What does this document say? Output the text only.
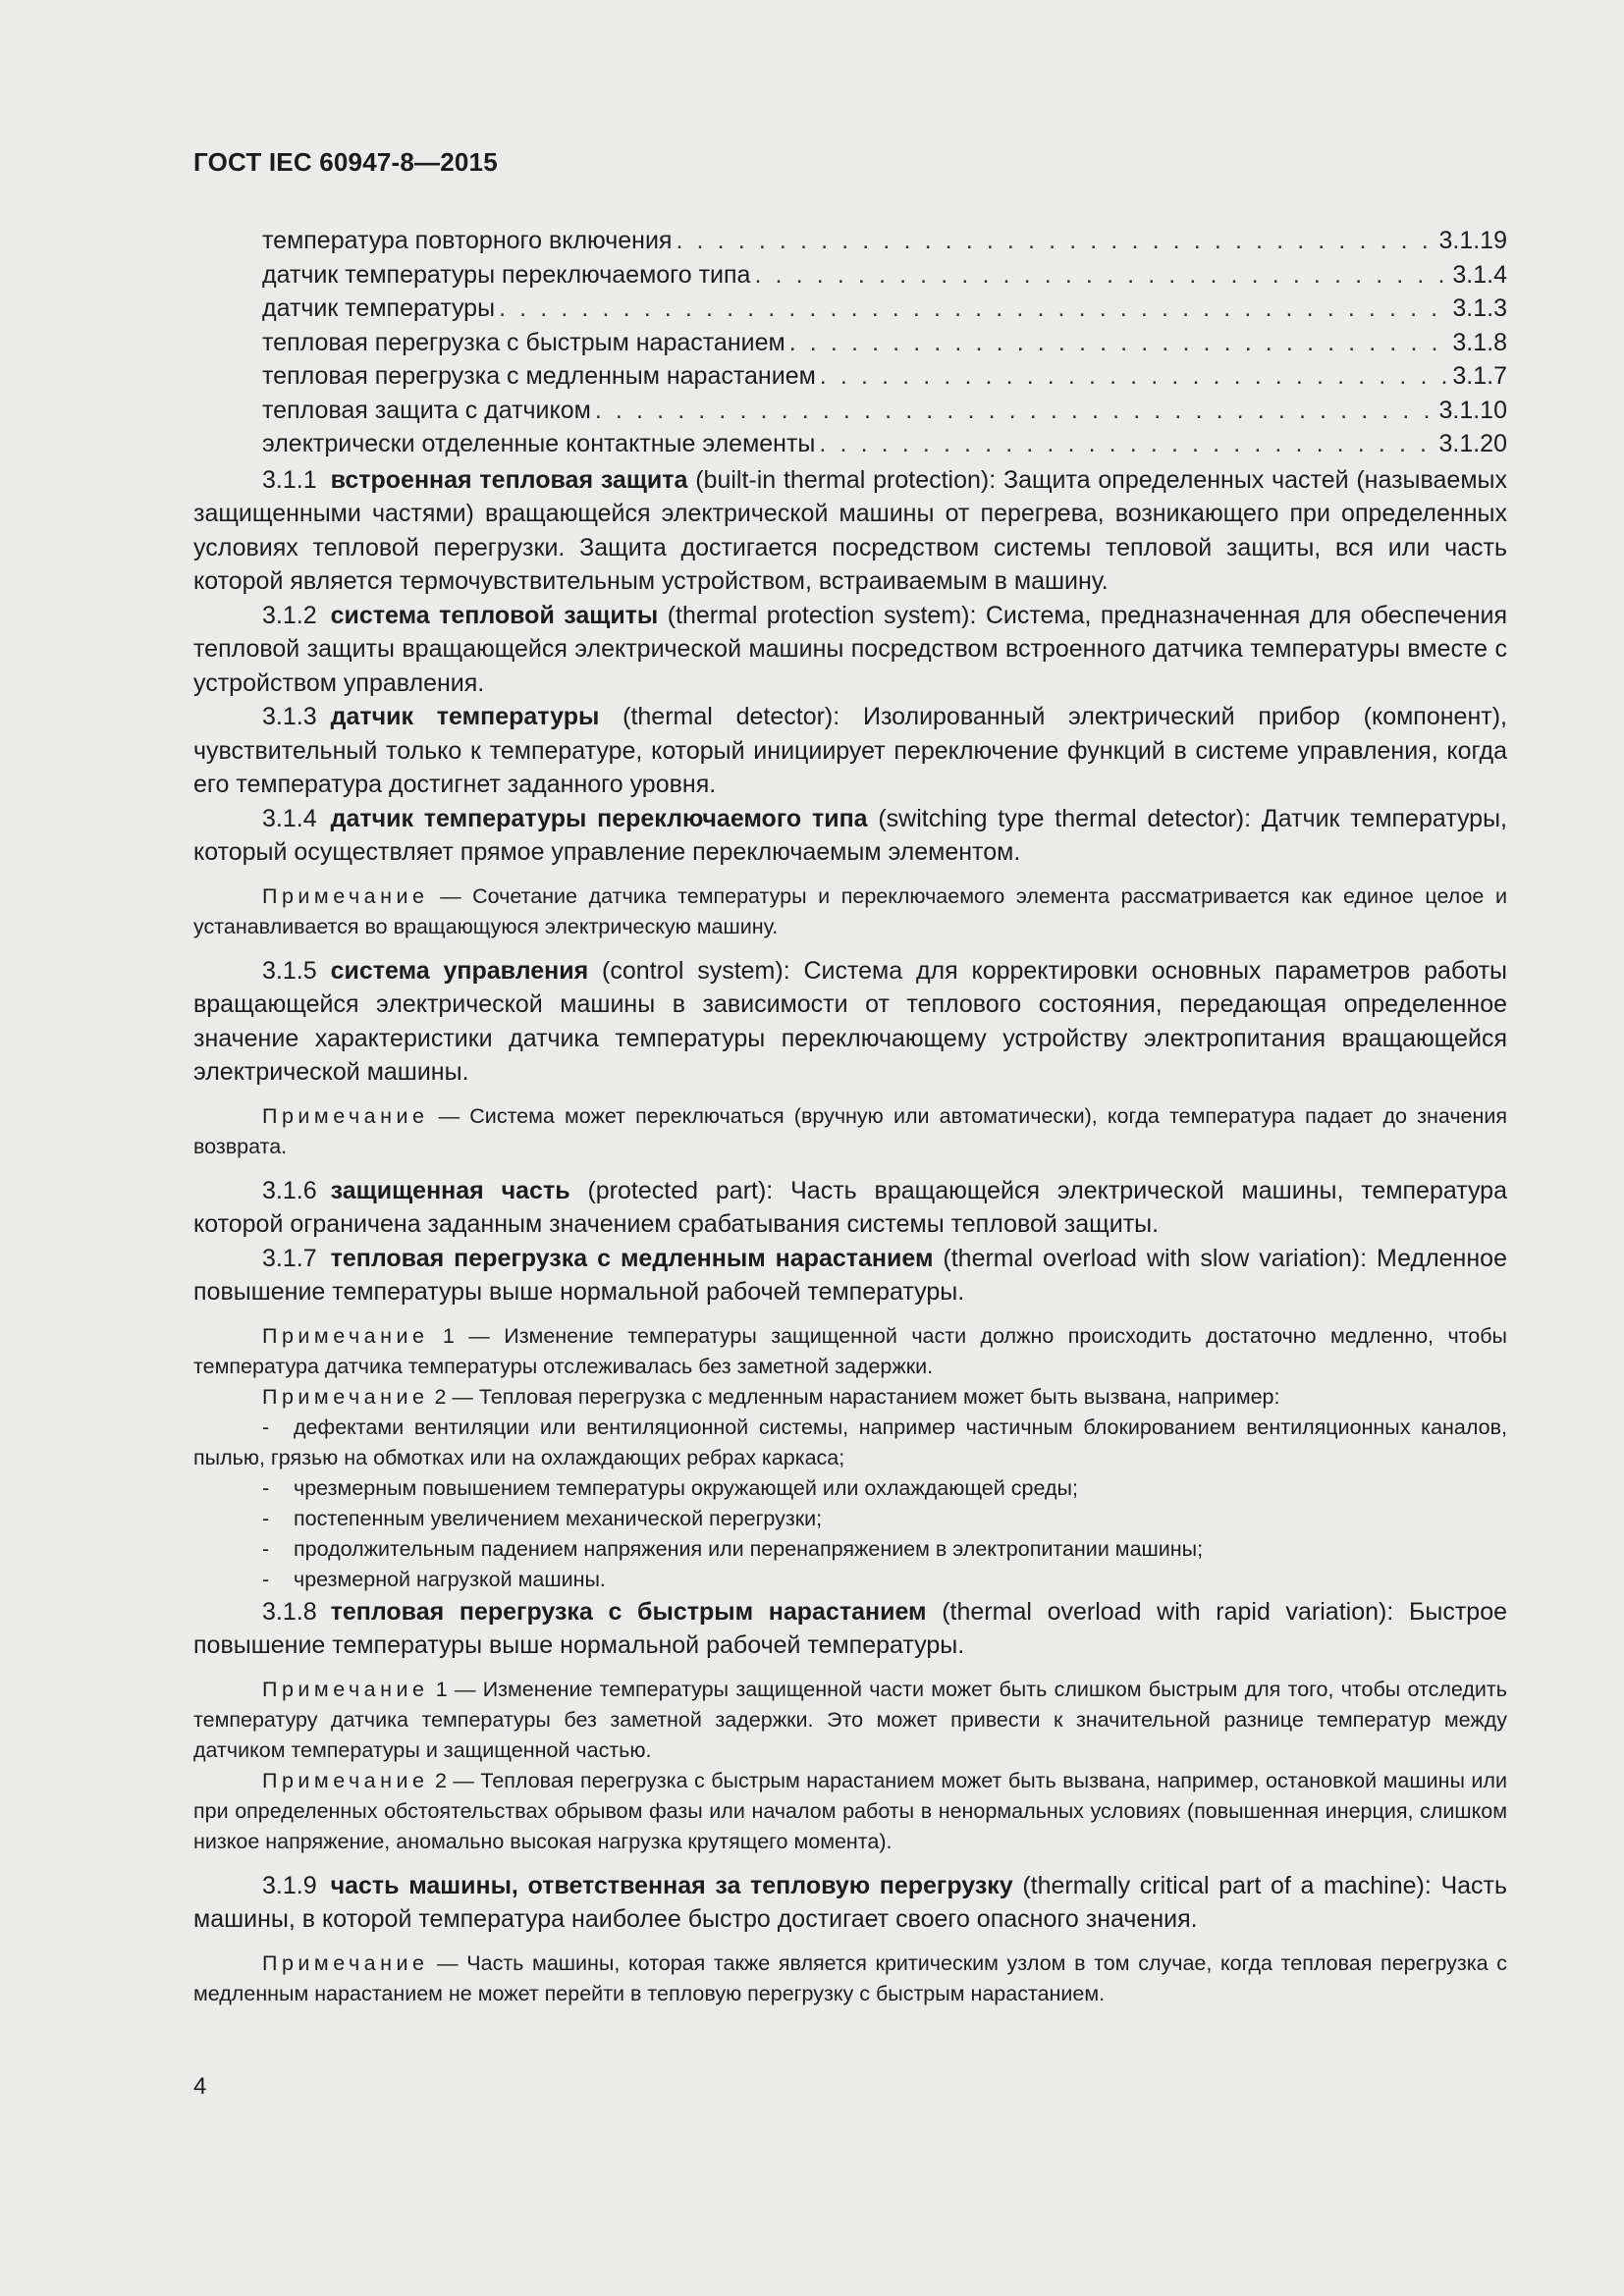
ГОСТ IEC 60947-8—2015
температура повторного включения . . .	3.1.19
датчик температуры переключаемого типа . . .	3.1.4
датчик температуры . . .	3.1.3
тепловая перегрузка с быстрым нарастанием . . .	3.1.8
тепловая перегрузка с медленным нарастанием . . .	3.1.7
тепловая защита с датчиком . . .	3.1.10
электрически отделенные контактные элементы . . .	3.1.20

3.1.1 встроенная тепловая защита (built-in thermal protection): Защита определенных частей (называемых защищенными частями) вращающейся электрической машины от перегрева, возникающего при определенных условиях тепловой перегрузки. Защита достигается посредством системы тепловой защиты, вся или часть которой является термочувствительным устройством, встраиваемым в машину.

3.1.2 система тепловой защиты (thermal protection system): Система, предназначенная для обеспечения тепловой защиты вращающейся электрической машины посредством встроенного датчика температуры вместе с устройством управления.

3.1.3 датчик температуры (thermal detector): Изолированный электрический прибор (компонент), чувствительный только к температуре, который инициирует переключение функций в системе управления, когда его температура достигнет заданного уровня.

3.1.4 датчик температуры переключаемого типа (switching type thermal detector): Датчик температуры, который осуществляет прямое управление переключаемым элементом.

Примечание — Сочетание датчика температуры и переключаемого элемента рассматривается как единое целое и устанавливается во вращающуюся электрическую машину.

3.1.5 система управления (control system): Система для корректировки основных параметров работы вращающейся электрической машины в зависимости от теплового состояния, передающая определенное значение характеристики датчика температуры переключающему устройству электропитания вращающейся электрической машины.

Примечание — Система может переключаться (вручную или автоматически), когда температура падает до значения возврата.

3.1.6 защищенная часть (protected part): Часть вращающейся электрической машины, температура которой ограничена заданным значением срабатывания системы тепловой защиты.

3.1.7 тепловая перегрузка с медленным нарастанием (thermal overload with slow variation): Медленное повышение температуры выше нормальной рабочей температуры.

Примечание 1 — Изменение температуры защищенной части должно происходить достаточно медленно, чтобы температура датчика температуры отслеживалась без заметной задержки.

Примечание 2 — Тепловая перегрузка с медленным нарастанием может быть вызвана, например:

- дефектами вентиляции или вентиляционной системы, например частичным блокированием вентиляционных каналов, пылью, грязью на обмотках или на охлаждающих ребрах каркаса;

- чрезмерным повышением температуры окружающей или охлаждающей среды;

- постепенным увеличением механической перегрузки;

- продолжительным падением напряжения или перенапряжением в электропитании машины;

- чрезмерной нагрузкой машины.

3.1.8 тепловая перегрузка с быстрым нарастанием (thermal overload with rapid variation): Быстрое повышение температуры выше нормальной рабочей температуры.

Примечание 1 — Изменение температуры защищенной части может быть слишком быстрым для того, чтобы отследить температуру датчика температуры без заметной задержки. Это может привести к значительной разнице температур между датчиком температуры и защищенной частью.

Примечание 2 — Тепловая перегрузка с быстрым нарастанием может быть вызвана, например, остановкой машины или при определенных обстоятельствах обрывом фазы или началом работы в ненормальных условиях (повышенная инерция, слишком низкое напряжение, аномально высокая нагрузка крутящего момента).

3.1.9 часть машины, ответственная за тепловую перегрузку (thermally critical part of a machine): Часть машины, в которой температура наиболее быстро достигает своего опасного значения.

Примечание — Часть машины, которая также является критическим узлом в том случае, когда тепловая перегрузка с медленным нарастанием не может перейти в тепловую перегрузку с быстрым нарастанием.

4
